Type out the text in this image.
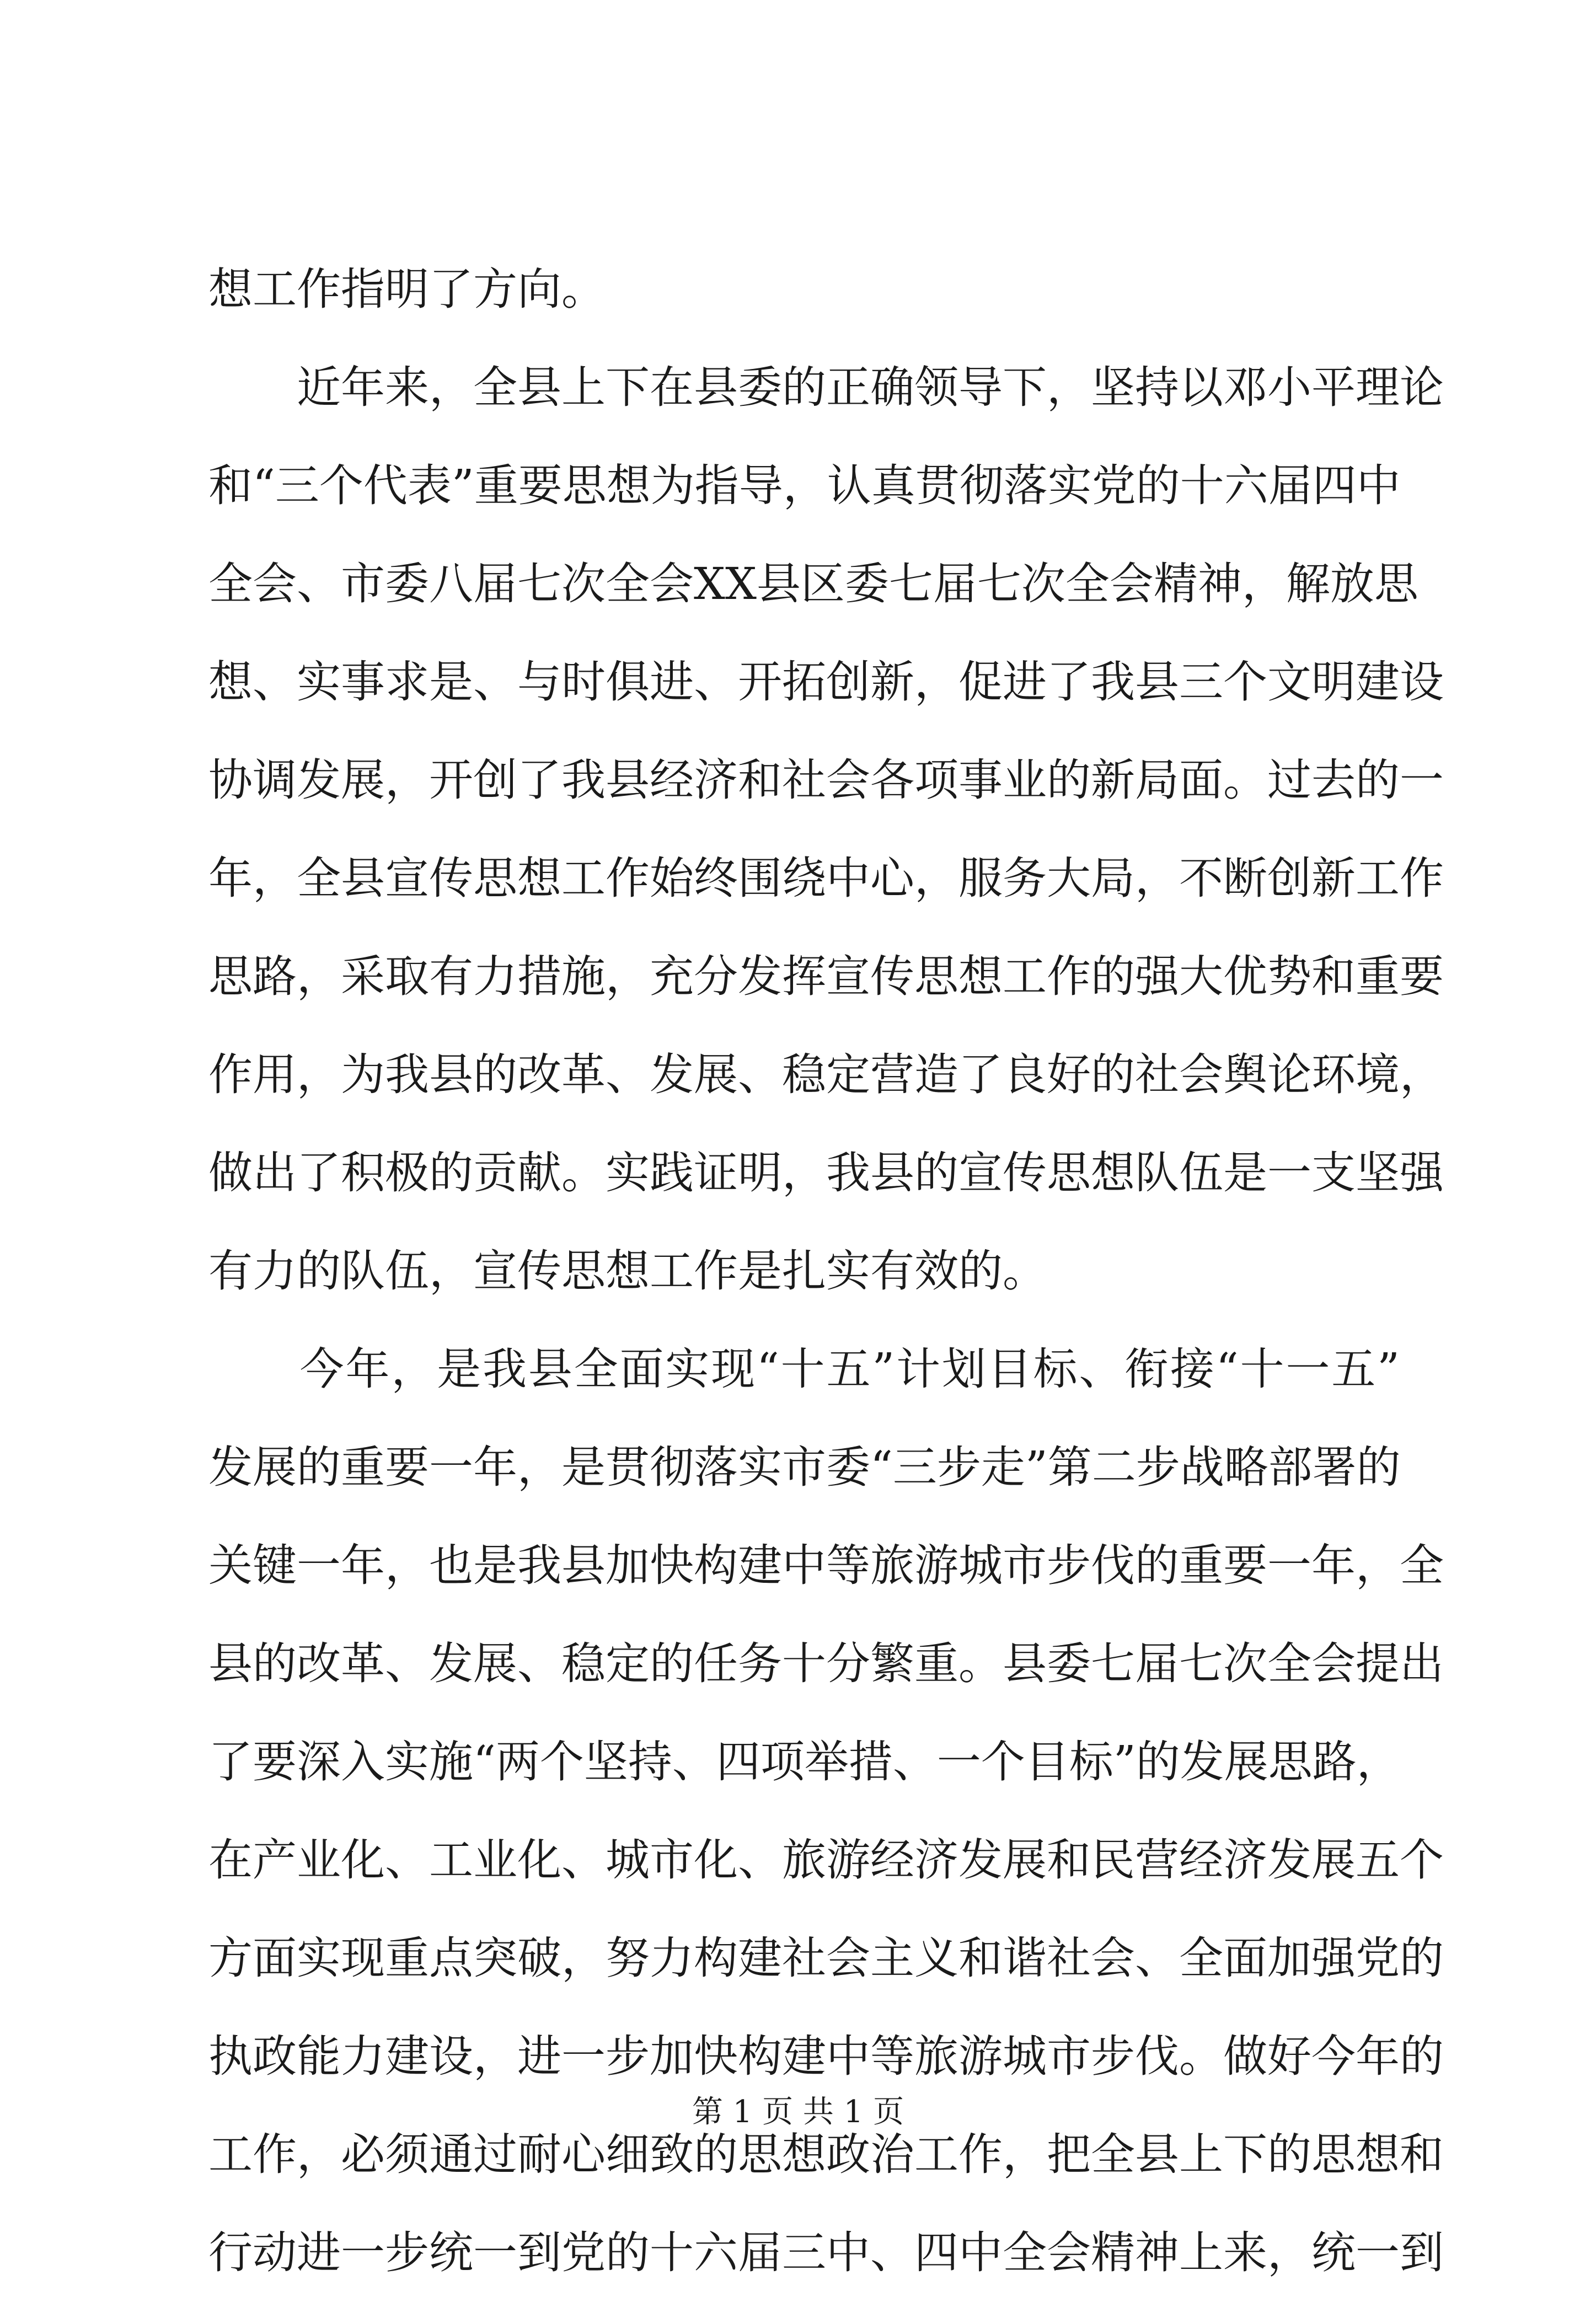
想工作指明了方向。
　　近年来，全县上下在县委的正确领导下，坚持以邓小平理论
和“三个代表”重要思想为指导，认真贯彻落实党的十六届四中
全会、市委八届七次全会XX县区委七届七次全会精神，解放思
想、实事求是、与时俱进、开拓创新，促进了我县三个文明建设
协调发展，开创了我县经济和社会各项事业的新局面。过去的一
年，全县宣传思想工作始终围绕中心，服务大局，不断创新工作
思路，采取有力措施，充分发挥宣传思想工作的强大优势和重要
作用，为我县的改革、发展、稳定营造了良好的社会舆论环境，
做出了积极的贡献。实践证明，我县的宣传思想队伍是一支坚强
有力的队伍，宣传思想工作是扎实有效的。
　　今年，是我县全面实现“十五”计划目标、衔接“十一五”
发展的重要一年，是贯彻落实市委“三步走”第二步战略部署的
关键一年，也是我县加快构建中等旅游城市步伐的重要一年，全
县的改革、发展、稳定的任务十分繁重。县委七届七次全会提出
了要深入实施“两个坚持、四项举措、一个目标”的发展思路，
在产业化、工业化、城市化、旅游经济发展和民营经济发展五个
方面实现重点突破，努力构建社会主义和谐社会、全面加强党的
执政能力建设，进一步加快构建中等旅游城市步伐。做好今年的
工作，必须通过耐心细致的思想政治工作，把全县上下的思想和
行动进一步统一到党的十六届三中、四中全会精神上来，统一到
第 1 页 共 1 页
